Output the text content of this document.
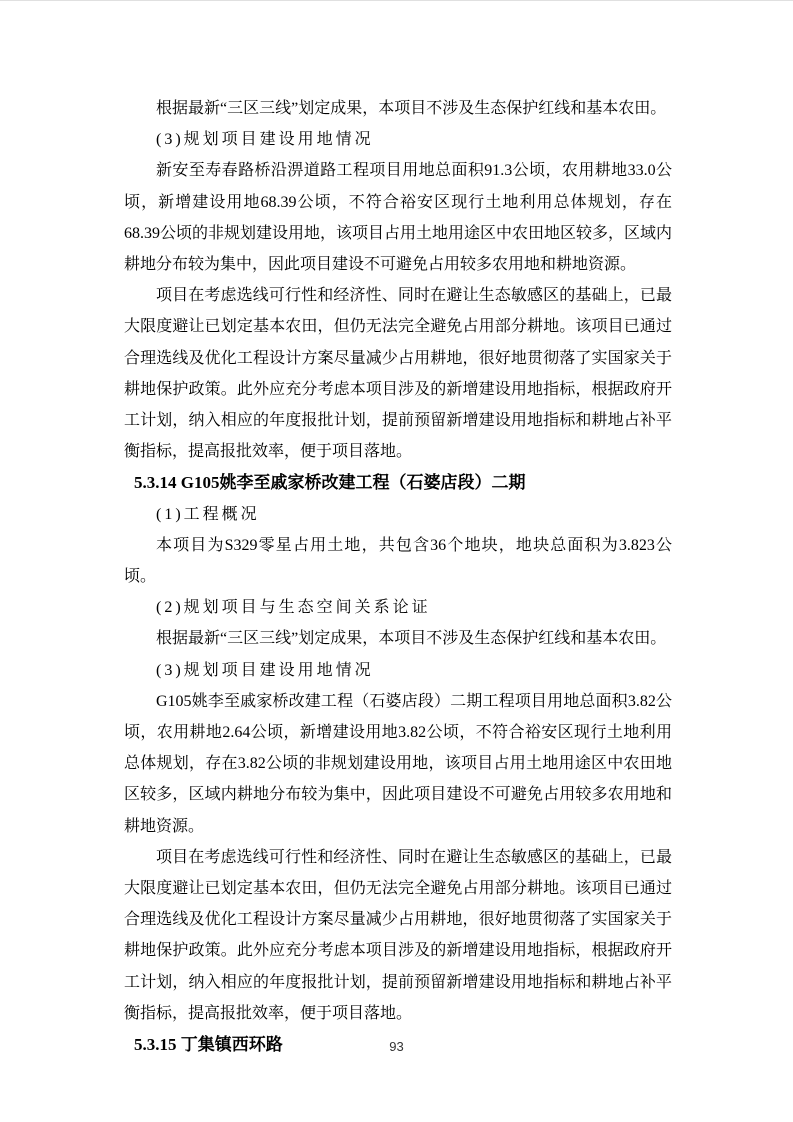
根据最新“三区三线”划定成果，本项目不涉及生态保护红线和基本农田。

(3)规划项目建设用地情况

新安至寿春路桥沿淠道路工程项目用地总面积91.3公顷，农用耕地33.0公顷，新增建设用地68.39公顷，不符合裕安区现行土地利用总体规划，存在68.39公顷的非规划建设用地，该项目占用土地用途区中农田地区较多，区域内耕地分布较为集中，因此项目建设不可避免占用较多农用地和耕地资源。

项目在考虑选线可行性和经济性、同时在避让生态敏感区的基础上，已最大限度避让已划定基本农田，但仍无法完全避免占用部分耕地。该项目已通过合理选线及优化工程设计方案尽量减少占用耕地，很好地贯彻落了实国家关于耕地保护政策。此外应充分考虑本项目涉及的新增建设用地指标，根据政府开工计划，纳入相应的年度报批计划，提前预留新增建设用地指标和耕地占补平衡指标，提高报批效率，便于项目落地。

5.3.14 G105姚李至戚家桥改建工程（石婆店段）二期

(1)工程概况

本项目为S329零星占用土地，共包含36个地块，地块总面积为3.823公顷。

(2)规划项目与生态空间关系论证

根据最新“三区三线”划定成果，本项目不涉及生态保护红线和基本农田。

(3)规划项目建设用地情况

G105姚李至戚家桥改建工程（石婆店段）二期工程项目用地总面积3.82公顷，农用耕地2.64公顷，新增建设用地3.82公顷，不符合裕安区现行土地利用总体规划，存在3.82公顷的非规划建设用地，该项目占用土地用途区中农田地区较多，区域内耕地分布较为集中，因此项目建设不可避免占用较多农用地和耕地资源。

项目在考虑选线可行性和经济性、同时在避让生态敏感区的基础上，已最大限度避让已划定基本农田，但仍无法完全避免占用部分耕地。该项目已通过合理选线及优化工程设计方案尽量减少占用耕地，很好地贯彻落了实国家关于耕地保护政策。此外应充分考虑本项目涉及的新增建设用地指标，根据政府开工计划，纳入相应的年度报批计划，提前预留新增建设用地指标和耕地占补平衡指标，提高报批效率，便于项目落地。

5.3.15 丁集镇西环路	93
